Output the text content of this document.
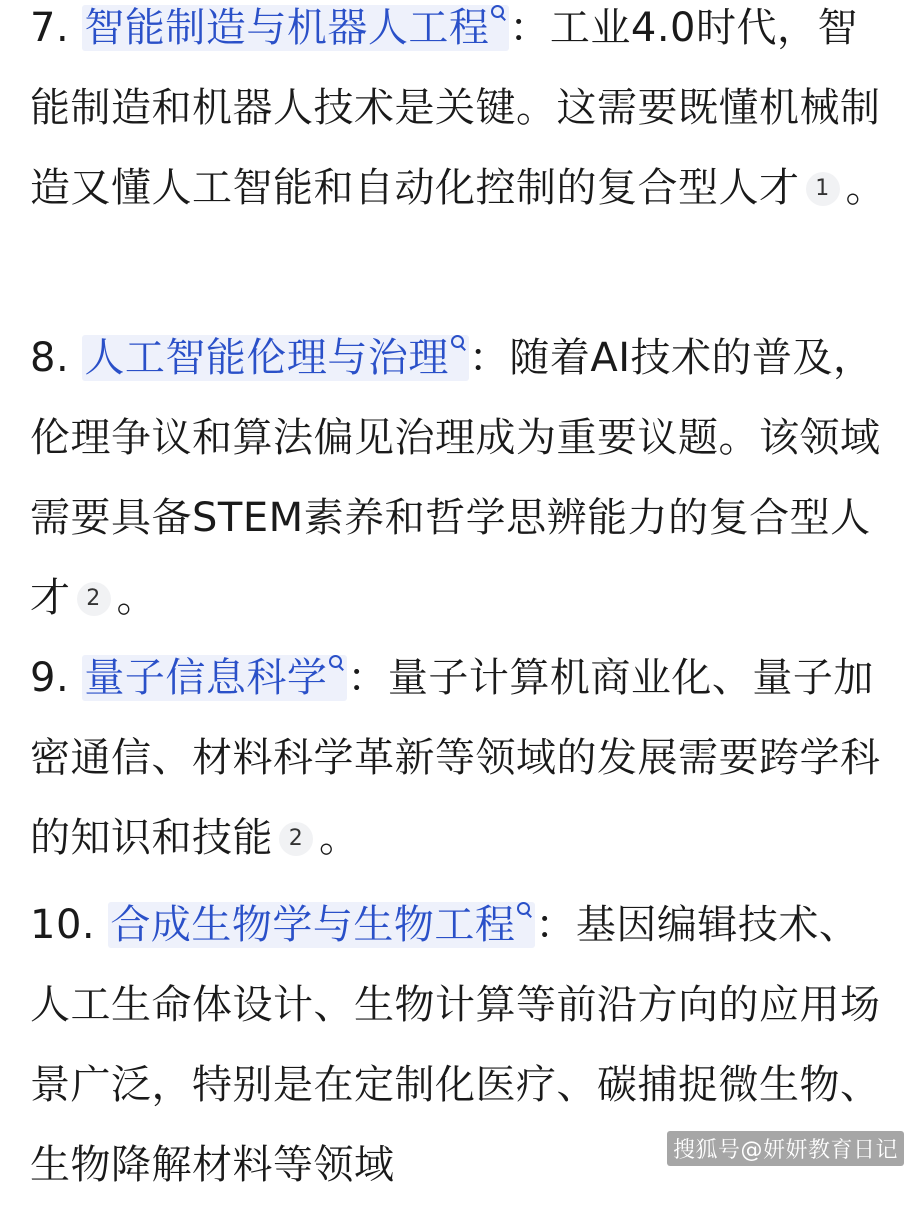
7. 智能制造与机器人工程 ：工业4.0时代，智能制造和机器人技术是关键。这需要既懂机械制造又懂人工智能和自动化控制的复合型人才 1 。
8. 人工智能伦理与治理 ：随着AI技术的普及，伦理争议和算法偏见治理成为重要议题。该领域需要具备STEM素养和哲学思辨能力的复合型人才 2 。
9. 量子信息科学 ：量子计算机商业化、量子加密通信、材料科学革新等领域的发展需要跨学科的知识和技能 2 。
10. 合成生物学与生物工程 ：基因编辑技术、人工生命体设计、生物计算等前沿方向的应用场景广泛，特别是在定制化医疗、碳捕捉微生物、生物降解材料等领域	搜狐号@妍妍教育日记
